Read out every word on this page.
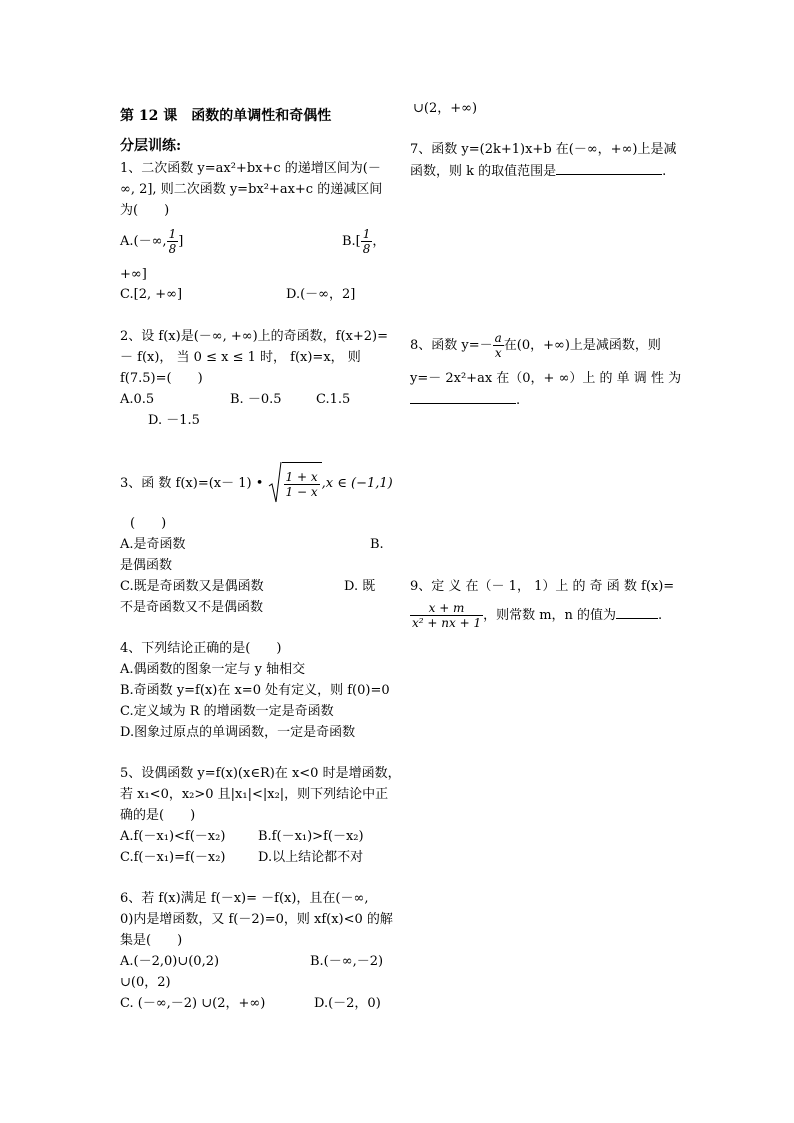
第 12 课　函数的单调性和奇偶性
分层训练:
1、二次函数 y=ax²+bx+c 的递增区间为(－
∞, 2], 则二次函数 y=bx²+ax+c 的递减区间
为(　　)
A.(－∞, $\frac{1}{8}$ ]	$B.[ \frac{1}{8}$ ，
+∞]
C.[2, +∞]	D.(－∞，2]
2、设 f(x)是(－∞, +∞)上的奇函数，f(x+2)=
－ f(x)， 当 0 ≤ x ≤ 1 时， f(x)=x， 则
f(7.5)=(　　)
A.0.5	B. －0.5	C.1.5
D. －1.5
3、函 数 f(x)=(x－ 1) • $\frac{1 + x}{1 - x} ,x$ ∈ (−1,1)
(　　)
A.是奇函数	B.
是偶函数
C.既是奇函数又是偶函数	D. 既
不是奇函数又不是偶函数
4、下列结论正确的是(　　)
A.偶函数的图象一定与 y 轴相交
B.奇函数 y=f(x)在 x=0 处有定义，则 f(0)=0
C.定义域为 R 的增函数一定是奇函数
D.图象过原点的单调函数，一定是奇函数
5、设偶函数 y=f(x)(x∈R)在 x<0 时是增函数，
若 x₁<0，x₂>0 且|x₁|<|x₂|，则下列结论中正
确的是(　　)
A.f(－x₁)<f(－x₂)	B.f(－x₁)>f(－x₂)
C.f(－x₁)=f(－x₂) D.以上结论都不对
6、若 f(x)满足 f(－x)= －f(x)，且在(－∞,
0)内是增函数，又 f(－2)=0，则 xf(x)<0 的解
集是(　　)
A.(－2,0)∪(0,2)	B.(－∞,－2)
∪(0，2)
C. (－∞,－2) ∪(2，+∞)	D.(－2，0)
∪(2，+∞)
7、函数 y=(2k+1)x+b 在(－∞，+∞)上是减
函数，则 k 的取值范围是	.
8、函数 $y=- \frac{a}{x}$ 在(0，+∞)上是减函数，则
y=－ 2x²+ax 在（0，+ ∞）上 的 单 调 性 为
.
9、定 义 在（－ 1， 1）上 的 奇 函 数 f(x)=
$\frac{x + m}{\text{x² + nx + 1}}$ ，则常数 m，n 的值为	.
